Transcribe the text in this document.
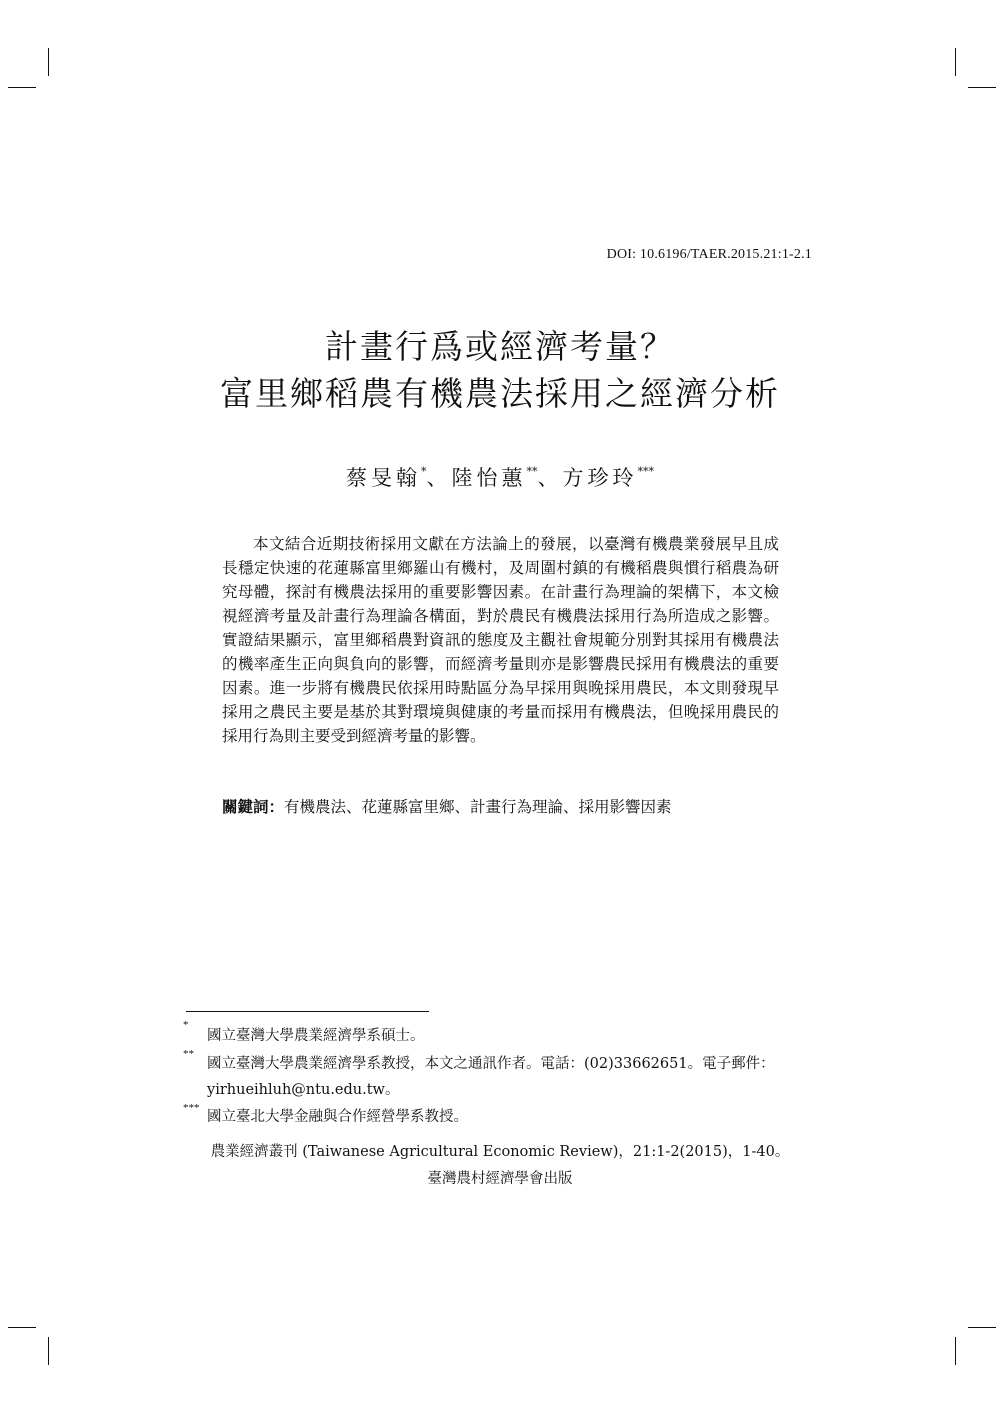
DOI: 10.6196/TAER.2015.21:1-2.1
計畫行爲或經濟考量？
富里鄉稻農有機農法採用之經濟分析
蔡旻翰*、陸怡蕙**、方珍玲***

本文結合近期技術採用文獻在方法論上的發展，以臺灣有機農業發展早且成長穩定快速的花蓮縣富里鄉羅山有機村，及周圍村鎮的有機稻農與慣行稻農為研究母體，探討有機農法採用的重要影響因素。在計畫行為理論的架構下，本文檢視經濟考量及計畫行為理論各構面，對於農民有機農法採用行為所造成之影響。實證結果顯示，富里鄉稻農對資訊的態度及主觀社會規範分別對其採用有機農法的機率產生正向與負向的影響，而經濟考量則亦是影響農民採用有機農法的重要因素。進一步將有機農民依採用時點區分為早採用與晚採用農民，本文則發現早採用之農民主要是基於其對環境與健康的考量而採用有機農法，但晚採用農民的採用行為則主要受到經濟考量的影響。

關鍵詞：有機農法、花蓮縣富里鄉、計畫行為理論、採用影響因素
*
國立臺灣大學農業經濟學系碩士。
**
國立臺灣大學農業經濟學系教授，本文之通訊作者。電話：(02)33662651。電子郵件：
yirhueihluh@ntu.edu.tw。
***
國立臺北大學金融與合作經營學系教授。
農業經濟叢刊 (Taiwanese Agricultural Economic Review)，21:1-2(2015)，1-40。
臺灣農村經濟學會出版
